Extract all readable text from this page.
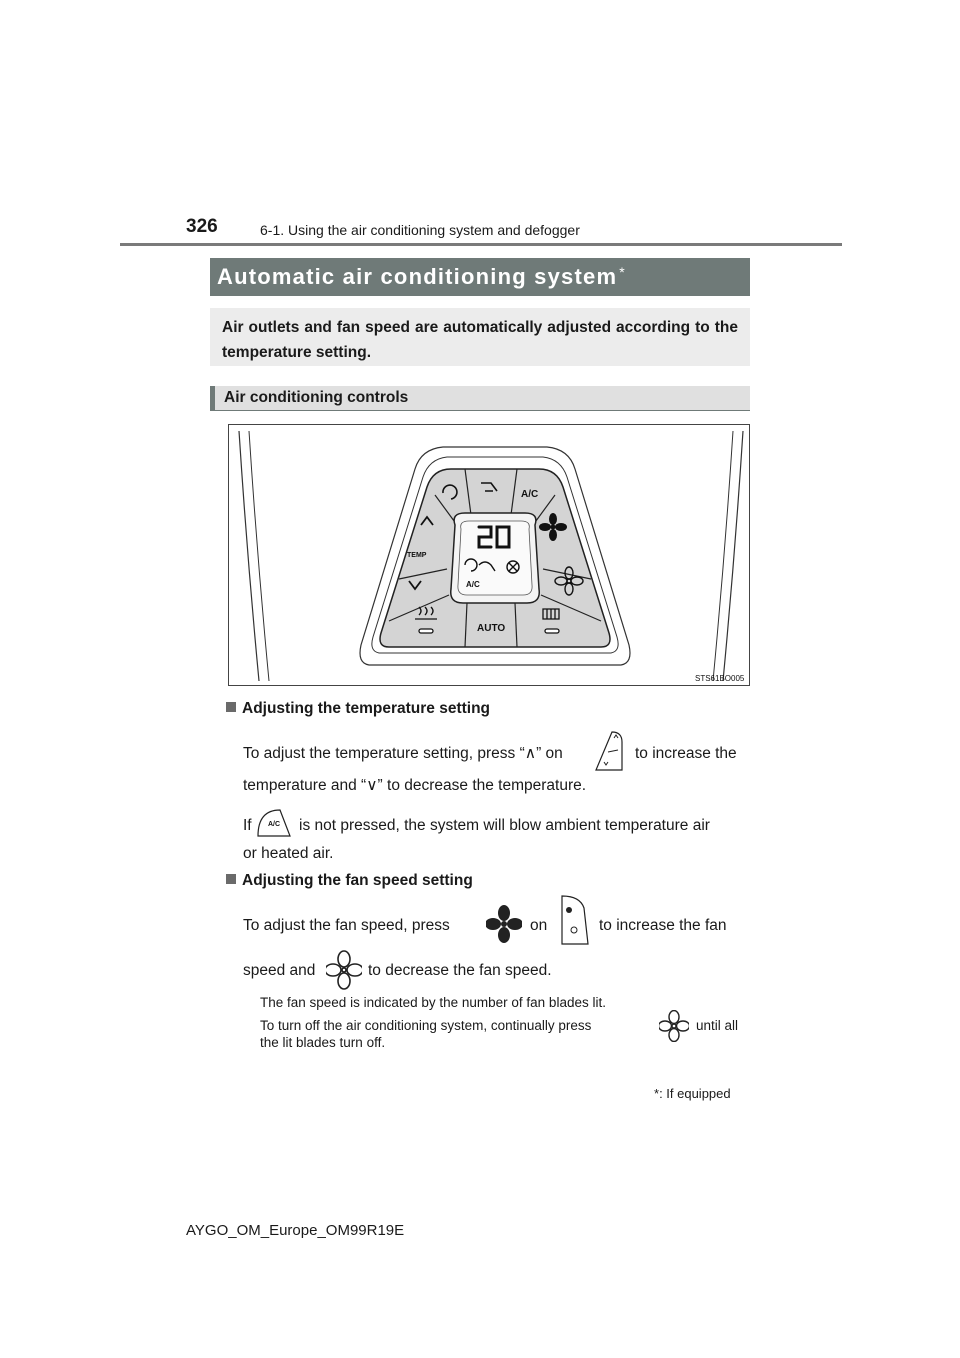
326	6-1. Using the air conditioning system and defogger
Automatic air conditioning system *
Air outlets and fan speed are automatically adjusted according to the temperature setting.
Air conditioning controls
20
A/C
A/C
TEMP
AUTO
STS61BO005
Adjusting the temperature setting
To adjust the temperature setting, press “∧” on	to increase the
temperature and “∨” to decrease the temperature.
If	is not pressed, the system will blow ambient temperature air
A/C
or heated air.
Adjusting the fan speed setting
To adjust the fan speed, press	on	to increase the fan
speed and	to decrease the fan speed.
The fan speed is indicated by the number of fan blades lit.
To turn off the air conditioning system, continually press	until all
the lit blades turn off.
*: If equipped
AYGO_OM_Europe_OM99R19E
